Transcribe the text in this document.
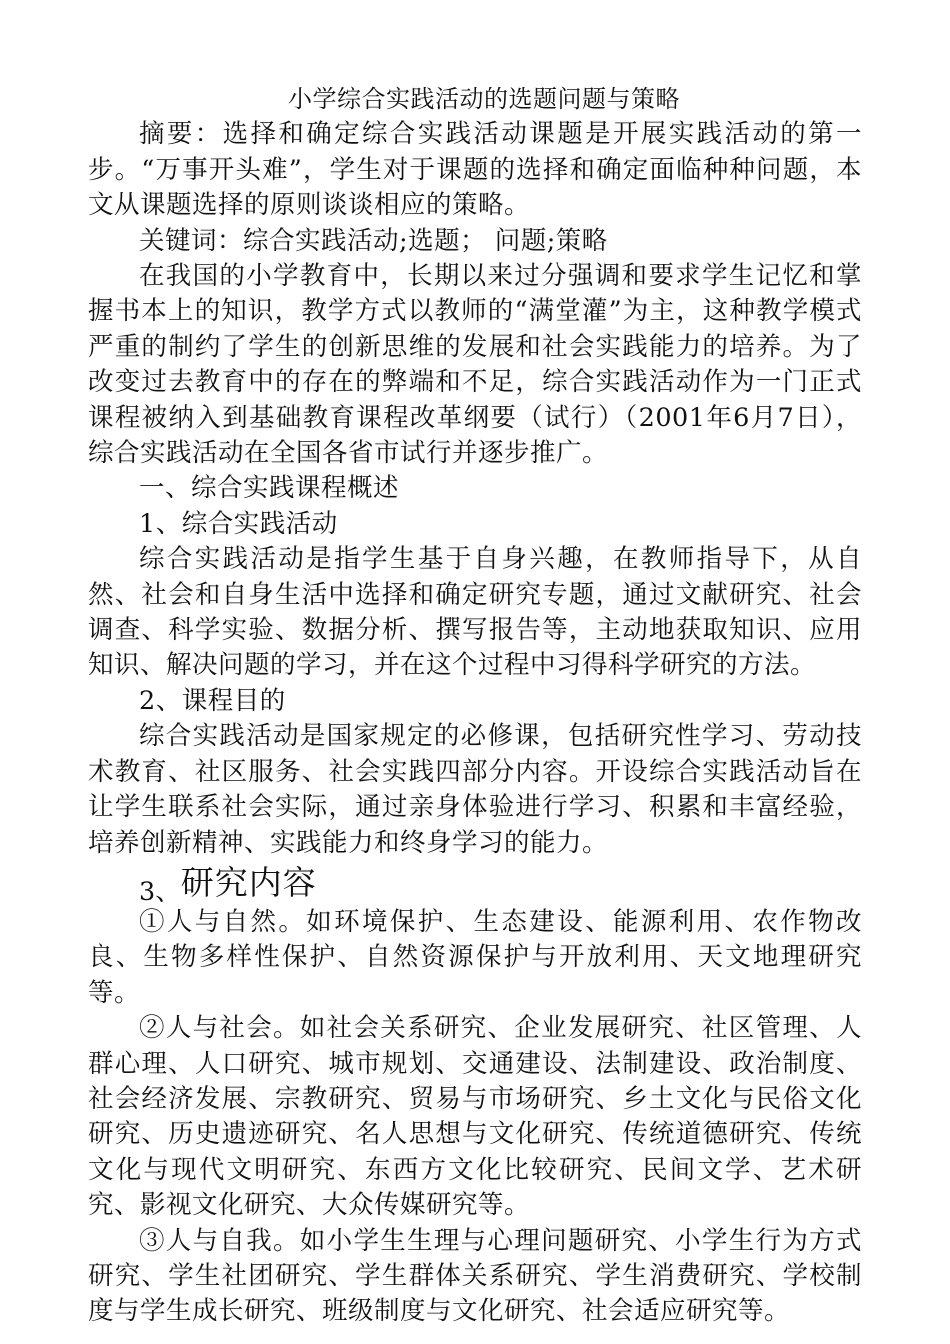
小学综合实践活动的选题问题与策略

摘要：选择和确定综合实践活动课题是开展实践活动的第一步。“万事开头难”，学生对于课题的选择和确定面临种种问题，本文从课题选择的原则谈谈相应的策略。

关键词：综合实践活动;选题； 问题;策略

在我国的小学教育中，长期以来过分强调和要求学生记忆和掌握书本上的知识，教学方式以教师的“满堂灌”为主，这种教学模式严重的制约了学生的创新思维的发展和社会实践能力的培养。为了改变过去教育中的存在的弊端和不足，综合实践活动作为一门正式课程被纳入到基础教育课程改革纲要（试行）（2001年6月7日），综合实践活动在全国各省市试行并逐步推广。

一、综合实践课程概述

1、综合实践活动

综合实践活动是指学生基于自身兴趣，在教师指导下，从自然、社会和自身生活中选择和确定研究专题，通过文献研究、社会调查、科学实验、数据分析、撰写报告等，主动地获取知识、应用知识、解决问题的学习，并在这个过程中习得科学研究的方法。

2、课程目的

综合实践活动是国家规定的必修课，包括研究性学习、劳动技术教育、社区服务、社会实践四部分内容。开设综合实践活动旨在让学生联系社会实际，通过亲身体验进行学习、积累和丰富经验，培养创新精神、实践能力和终身学习的能力。

3、研究内容

①人与自然。如环境保护、生态建设、能源利用、农作物改良、生物多样性保护、自然资源保护与开放利用、天文地理研究等。

②人与社会。如社会关系研究、企业发展研究、社区管理、人群心理、人口研究、城市规划、交通建设、法制建设、政治制度、社会经济发展、宗教研究、贸易与市场研究、乡土文化与民俗文化研究、历史遗迹研究、名人思想与文化研究、传统道德研究、传统文化与现代文明研究、东西方文化比较研究、民间文学、艺术研究、影视文化研究、大众传媒研究等。

③人与自我。如小学生生理与心理问题研究、小学生行为方式研究、学生社团研究、学生群体关系研究、学生消费研究、学校制度与学生成长研究、班级制度与文化研究、社会适应研究等。
